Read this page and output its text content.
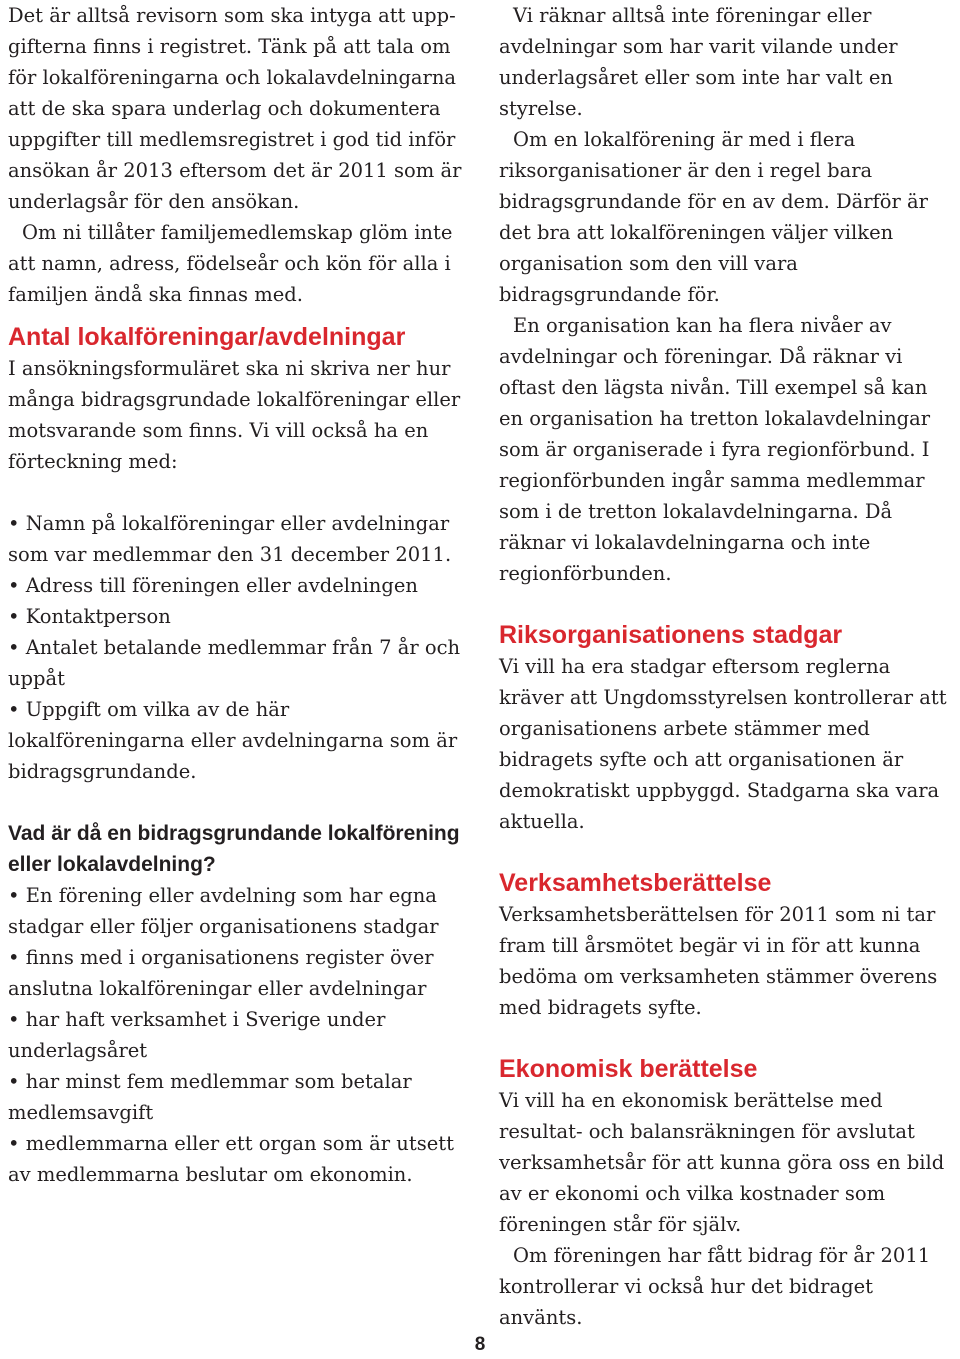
Det är alltså revisorn som ska intyga att upp-gifterna finns i registret. Tänk på att tala om för lokalföreningarna och lokalavdelningarna att de ska spara underlag och dokumentera uppgifter till medlemsregistret i god tid inför ansökan år 2013 eftersom det är 2011 som är underlagsår för den ansökan.

Om ni tillåter familjemedlemskap glöm inte att namn, adress, födelseår och kön för alla i familjen ändå ska finnas med.

Antal lokalföreningar/avdelningar

I ansökningsformuläret ska ni skriva ner hur många bidragsgrundade lokalföreningar eller motsvarande som finns. Vi vill också ha en förteckning med:

• Namn på lokalföreningar eller avdelningar som var medlemmar den 31 december 2011.
• Adress till föreningen eller avdelningen
• Kontaktperson
• Antalet betalande medlemmar från 7 år och uppåt
• Uppgift om vilka av de här lokalföreningarna eller avdelningarna som är bidragsgrundande.
Vad är då en bidragsgrundande lokalförening eller lokalavdelning?
• En förening eller avdelning som har egna stadgar eller följer organisationens stadgar
• finns med i organisationens register över anslutna lokalföreningar eller avdelningar
• har haft verksamhet i Sverige under underlagsåret
• har minst fem medlemmar som betalar medlemsavgift
• medlemmarna eller ett organ som är utsett av medlemmarna beslutar om ekonomin.

Vi räknar alltså inte föreningar eller avdelningar som har varit vilande under underlagsåret eller som inte har valt en styrelse.

Om en lokalförening är med i flera riksorganisationer är den i regel bara bidragsgrundande för en av dem. Därför är det bra att lokalföreningen väljer vilken organisation som den vill vara bidragsgrundande för.

En organisation kan ha flera nivåer av avdelningar och föreningar. Då räknar vi oftast den lägsta nivån. Till exempel så kan en organisation ha tretton lokalavdelningar som är organiserade i fyra regionförbund. I regionförbunden ingår samma medlemmar som i de tretton lokalavdelningarna. Då räknar vi lokalavdelningarna och inte regionförbunden.

Riksorganisationens stadgar

Vi vill ha era stadgar eftersom reglerna kräver att Ungdomsstyrelsen kontrollerar att organisationens arbete stämmer med bidragets syfte och att organisationen är demokratiskt uppbyggd. Stadgarna ska vara aktuella.

Verksamhetsberättelse

Verksamhetsberättelsen för 2011 som ni tar fram till årsmötet begär vi in för att kunna bedöma om verksamheten stämmer överens med bidragets syfte.

Ekonomisk berättelse

Vi vill ha en ekonomisk berättelse med resultat- och balansräkningen för avslutat verksamhetsår för att kunna göra oss en bild av er ekonomi och vilka kostnader som föreningen står för själv.

Om föreningen har fått bidrag för år 2011 kontrollerar vi också hur det bidraget använts.

8
